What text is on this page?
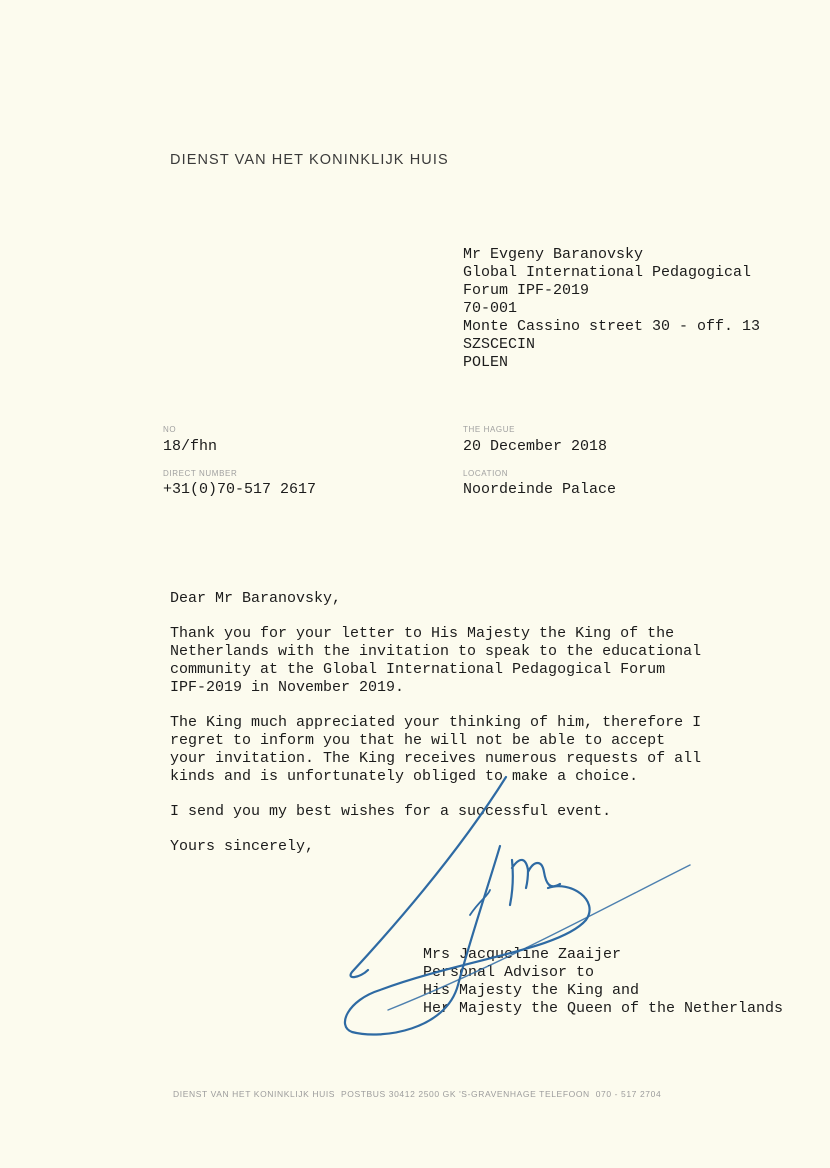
DIENST VAN HET KONINKLIJK HUIS
Mr Evgeny Baranovsky
Global International Pedagogical
Forum IPF-2019
70-001
Monte Cassino street 30 - off. 13
SZSCECIN
POLEN
NO
18/fhn
THE HAGUE
20 December 2018
DIRECT NUMBER
+31(0)70-517 2617
LOCATION
Noordeinde Palace

Dear Mr Baranovsky,

Thank you for your letter to His Majesty the King of the

Netherlands with the invitation to speak to the educational

community at the Global International Pedagogical Forum

IPF-2019 in November 2019.

The King much appreciated your thinking of him, therefore I

regret to inform you that he will not be able to accept

your invitation. The King receives numerous requests of all

kinds and is unfortunately obliged to make a choice.

I send you my best wishes for a successful event.

Yours sincerely,

Mrs Jacqueline Zaaijer
Personal Advisor to
His Majesty the King and
Her Majesty the Queen of the Netherlands
DIENST VAN HET KONINKLIJK HUIS  POSTBUS 30412 2500 GK 'S-GRAVENHAGE TELEFOON  070 - 517 2704
